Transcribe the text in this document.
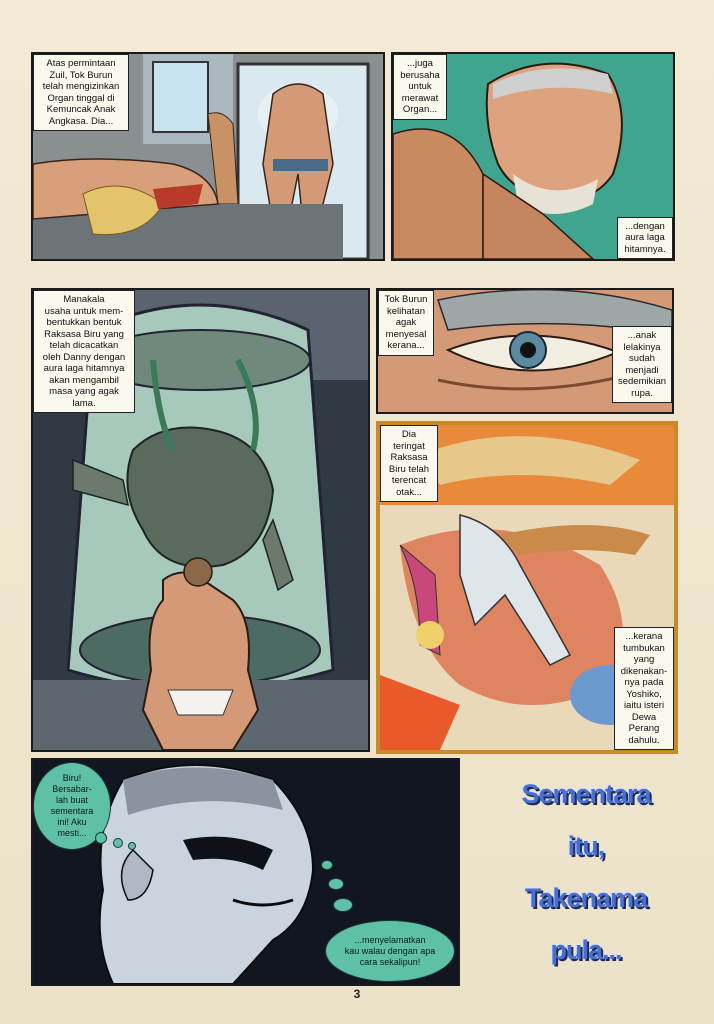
Atas permintaan
Zuil, Tok Burun
telah mengizinkan
Organ tinggal di
Kemuncak Anak
Angkasa. Dia...
...juga
berusaha
untuk
merawat
Organ...
...dengan
aura laga
hitamnya.
Manakala
usaha untuk mem-
bentukkan bentuk
Raksasa Biru yang
telah dicacatkan
oleh Danny dengan
aura laga hitamnya
akan mengambil
masa yang agak
lama.
Tok Burun
kelihatan
agak
menyesal
kerana...
...anak
lelakinya
sudah
menjadi
sedemikian
rupa.
Dia
teringat
Raksasa
Biru telah
terencat
otak...
...kerana
tumbukan
yang
dikenakan-
nya pada
Yoshiko,
iaitu isteri
Dewa
Perang
dahulu.
Biru!
Bersabar-
lah buat
sementara
ini! Aku
mesti...
...menyelamatkan
kau walau dengan apa
cara sekalipun!
Sementara
itu,
Takenama
pula...
3
